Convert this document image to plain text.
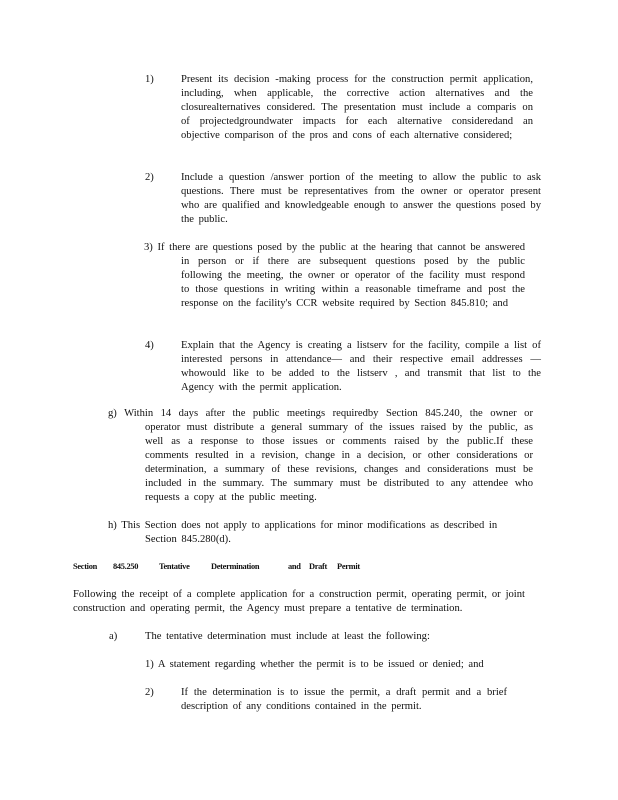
1)	Present its decision -making process for the construction permit application, including, when applicable, the corrective action alternatives and the closurealternatives considered. The presentation must include a comparis on of projectedgroundwater impacts for each alternative consideredand an objective comparison of the pros and cons of each alternative considered;

2)	Include a question /answer portion of the meeting to allow the public to ask questions. There must be representatives from the owner or operator present who are qualified and knowledgeable enough to answer the questions posed by the public.

3) If there are questions posed by the public at the hearing that cannot be answered in person or if there are subsequent questions posed by the public following the meeting, the owner or operator of the facility must respond to those questions in writing within a reasonable timeframe and post the response on the facility's CCR website required by Section 845.810; and

4)	Explain that the Agency is creating a listserv for the facility, compile a list of interested persons in attendance— and their respective email addresses —whowould like to be added to the listserv , and transmit that list to the Agency with the permit application.

g) Within 14 days after the public meetings requiredby Section 845.240, the owner or operator must distribute a general summary of the issues raised by the public, as well as a response to those issues or comments raised by the public.If these comments resulted in a revision, change in a decision, or other considerations or determination, a summary of these revisions, changes and considerations must be included in the summary. The summary must be distributed to any attendee who requests a copy at the public meeting.

h) This Section does not apply to applications for minor modifications as described in Section 845.280(d).

Section 845.250 Tentative	Determination	and Draft Permit

Following the receipt of a complete application for a construction permit, operating permit, or joint construction and operating permit, the Agency must prepare a tentative de termination.

a)	The tentative determination must include at least the following:

1) A statement regarding whether the permit is to be issued or denied; and

2)	If the determination is to issue the permit, a draft permit and a brief description of any conditions contained in the permit.
